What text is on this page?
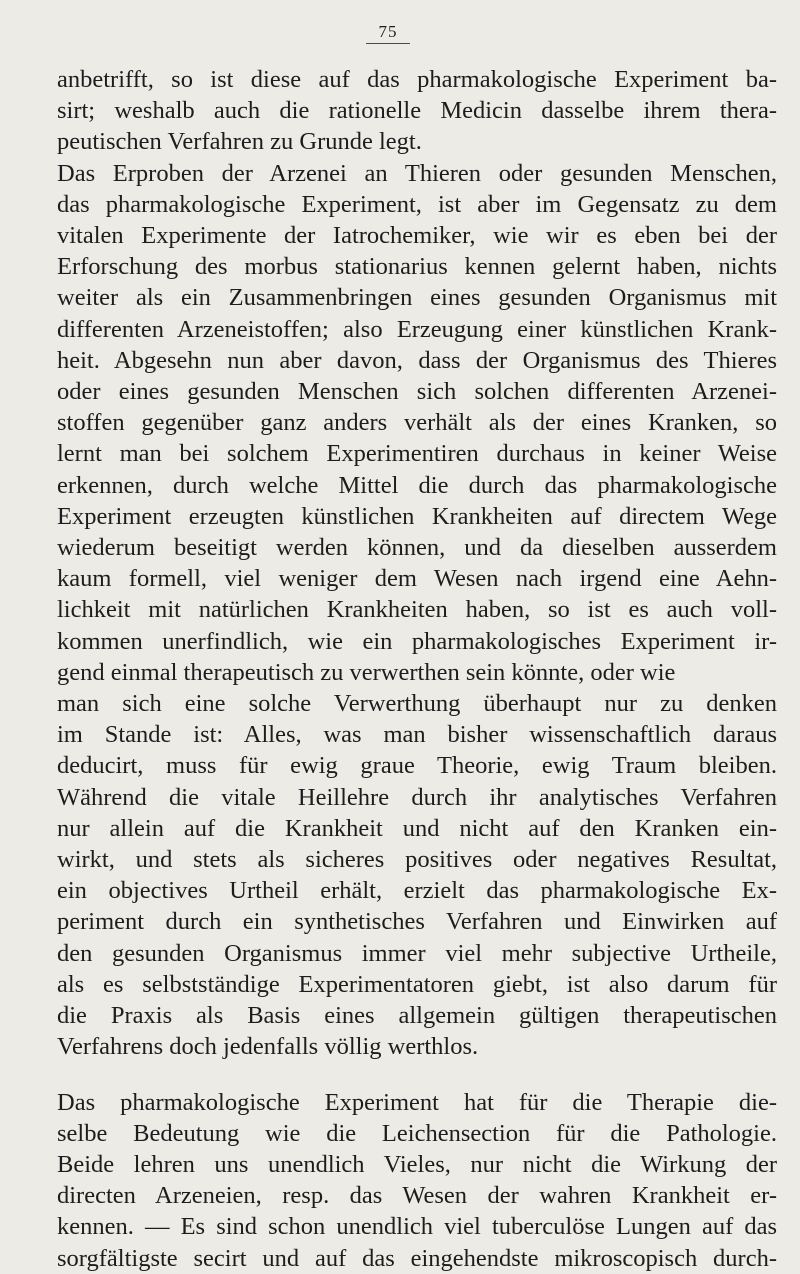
75
anbetrifft, so ist diese auf das pharmakologische Experiment ba-
sirt; weshalb auch die rationelle Medicin dasselbe ihrem thera-
peutischen Verfahren zu Grunde legt.
Das Erproben der Arzenei an Thieren oder gesunden Menschen,
das pharmakologische Experiment, ist aber im Gegensatz zu dem
vitalen Experimente der Iatrochemiker, wie wir es eben bei der
Erforschung des morbus stationarius kennen gelernt haben, nichts
weiter als ein Zusammenbringen eines gesunden Organismus mit
differenten Arzeneistoffen; also Erzeugung einer künstlichen Krank-
heit. Abgesehn nun aber davon, dass der Organismus des Thieres
oder eines gesunden Menschen sich solchen differenten Arzenei-
stoffen gegenüber ganz anders verhält als der eines Kranken, so
lernt man bei solchem Experimentiren durchaus in keiner Weise
erkennen, durch welche Mittel die durch das pharmakologische
Experiment erzeugten künstlichen Krankheiten auf directem Wege
wiederum beseitigt werden können, und da dieselben ausserdem
kaum formell, viel weniger dem Wesen nach irgend eine Aehn-
lichkeit mit natürlichen Krankheiten haben, so ist es auch voll-
kommen unerfindlich, wie ein pharmakologisches Experiment ir-
gend einmal therapeutisch zu verwerthen sein könnte, oder wie
man sich eine solche Verwerthung überhaupt nur zu denken
im Stande ist: Alles, was man bisher wissenschaftlich daraus
deducirt, muss für ewig graue Theorie, ewig Traum bleiben.
Während die vitale Heillehre durch ihr analytisches Verfahren
nur allein auf die Krankheit und nicht auf den Kranken ein-
wirkt, und stets als sicheres positives oder negatives Resultat,
ein objectives Urtheil erhält, erzielt das pharmakologische Ex-
periment durch ein synthetisches Verfahren und Einwirken auf
den gesunden Organismus immer viel mehr subjective Urtheile,
als es selbstständige Experimentatoren giebt, ist also darum für
die Praxis als Basis eines allgemein gültigen therapeutischen
Verfahrens doch jedenfalls völlig werthlos.
Das pharmakologische Experiment hat für die Therapie die-
selbe Bedeutung wie die Leichensection für die Pathologie.
Beide lehren uns unendlich Vieles, nur nicht die Wirkung der
directen Arzeneien, resp. das Wesen der wahren Krankheit er-
kennen. — Es sind schon unendlich viel tuberculöse Lungen auf das
sorgfältigste secirt und auf das eingehendste mikroscopisch durch-
